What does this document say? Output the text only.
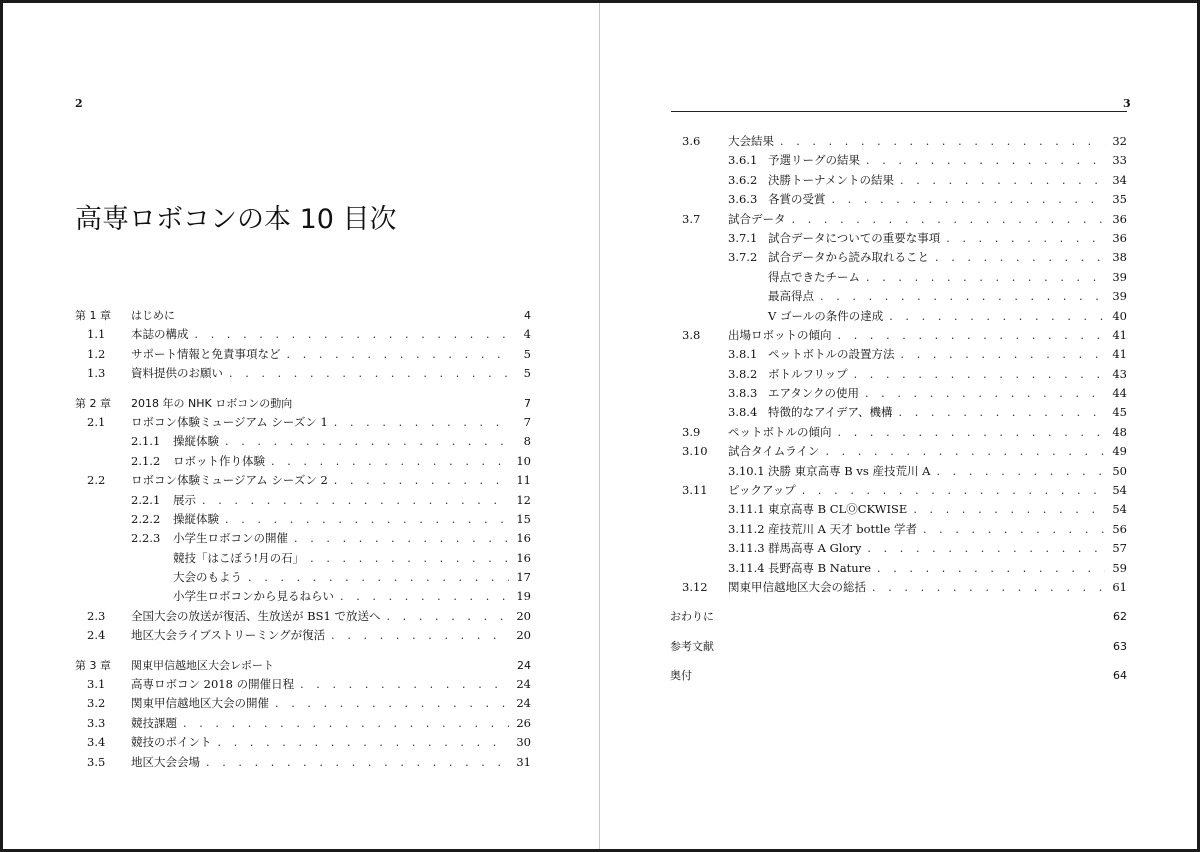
2
高専ロボコンの本 10 目次
第 1 章	はじめに	4
1.1	本誌の構成 . . .	4
1.2	サポート情報と免責事項など . . .	5
1.3	資料提供のお願い . . .	5
第 2 章	2018 年の NHK ロボコンの動向	7
2.1	ロボコン体験ミュージアム シーズン 1 . . .	7
2.1.1	操縦体験 . . .	8
2.1.2	ロボット作り体験 . . .	10
2.2	ロボコン体験ミュージアム シーズン 2 . . .	11
2.2.1	展示 . . .	12
2.2.2	操縦体験 . . .	15
2.2.3	小学生ロボコンの開催 . . .	16
競技「はこぼう!月の石」 . . .	16
大会のもよう . . .	17
小学生ロボコンから見るねらい . . .	19
2.3	全国大会の放送が復活、生放送が BS1 で放送へ . . .	20
2.4	地区大会ライブストリーミングが復活 . . .	20
第 3 章	関東甲信越地区大会レポート	24
3.1	高専ロボコン 2018 の開催日程 . . .	24
3.2	関東甲信越地区大会の開催 . . .	24
3.3	競技課題 . . .	26
3.4	競技のポイント . . .	30
3.5	地区大会会場 . . .	31
3
3.6	大会結果 . . .	32
3.6.1 予選リーグの結果 . . .	33
3.6.2 決勝トーナメントの結果 . . .	34
3.6.3 各賞の受賞 . . .	35
3.7	試合データ . . .	36
3.7.1 試合データについての重要な事項 . . .	36
3.7.2 試合データから読み取れること . . .	38
得点できたチーム . . .	39
最高得点 . . .	39
V ゴールの条件の達成 . . .	40
3.8	出場ロボットの傾向 . . .	41
3.8.1 ペットボトルの設置方法 . . .	41
3.8.2 ボトルフリップ . . .	43
3.8.3 エアタンクの使用 . . .	44
3.8.4 特徴的なアイデア、機構 . . .	45
3.9	ペットボトルの傾向 . . .	48
3.10	試合タイムライン . . .	49
3.10.1 決勝 東京高専 B vs 産技荒川 A . . .	50
3.11	ピックアップ . . .	54
3.11.1 東京高専 B CLⓄCKWISE . . .	54
3.11.2 産技荒川 A 天才 bottle 学者 . . .	56
3.11.3 群馬高専 A Glory . . .	57
3.11.4 長野高専 B Nature . . .	59
3.12	関東甲信越地区大会の総括 . . .	61
おわりに	62
参考文献	63
奥付	64
